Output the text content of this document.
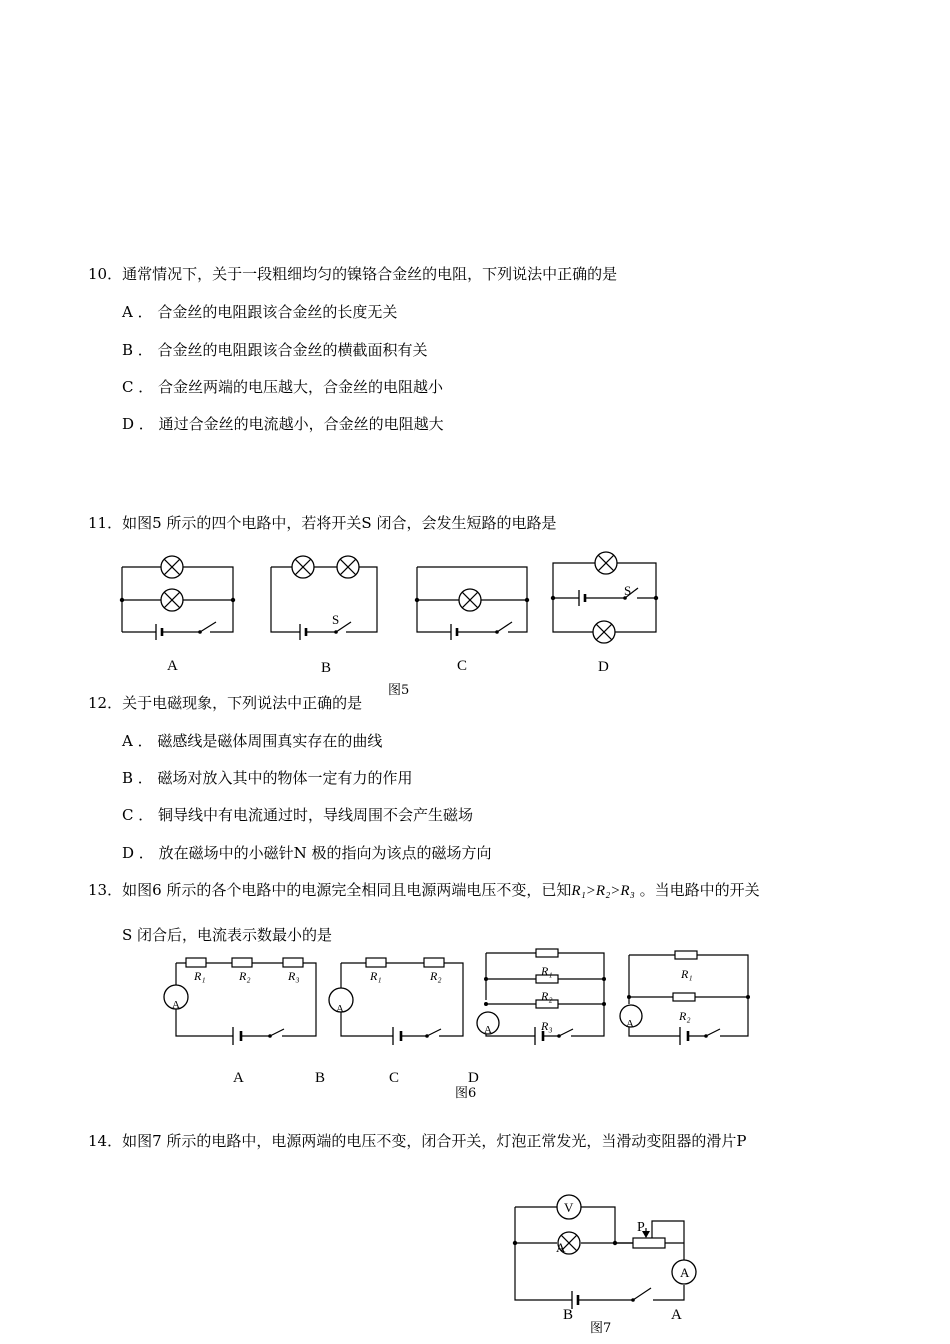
10．通常情况下，关于一段粗细均匀的镍铬合金丝的电阻，下列说法中正确的是
A ． 合金丝的电阻跟该合金丝的长度无关
B ． 合金丝的电阻跟该合金丝的横截面积有关
C ． 合金丝两端的电压越大，合金丝的电阻越小
D ． 通过合金丝的电流越小，合金丝的电阻越大
11．如图5 所示的四个电路中，若将开关S 闭合，会发生短路的电路是
12．关于电磁现象，下列说法中正确的是
A ． 磁感线是磁体周围真实存在的曲线
B ． 磁场对放入其中的物体一定有力的作用
C ． 铜导线中有电流通过时，导线周围不会产生磁场
D ． 放在磁场中的小磁针N 极的指向为该点的磁场方向
13．如图6 所示的各个电路中的电源完全相同且电源两端电压不变，已知R₁>R₂>R₃ 。当电路中的开关
S 闭合后，电流表示数最小的是
14．如图7 所示的电路中，电源两端的电压不变，闭合开关，灯泡正常发光，当滑动变阻器的滑片P
A	B	C	D
图5
S
S
R₁	R₂	R₃
A
R₁	R₂
A
R₁
R₂
R₃
A
R₁
R₂
A
A	B	C	D
图6
V
A
P
A
B	A
图7
